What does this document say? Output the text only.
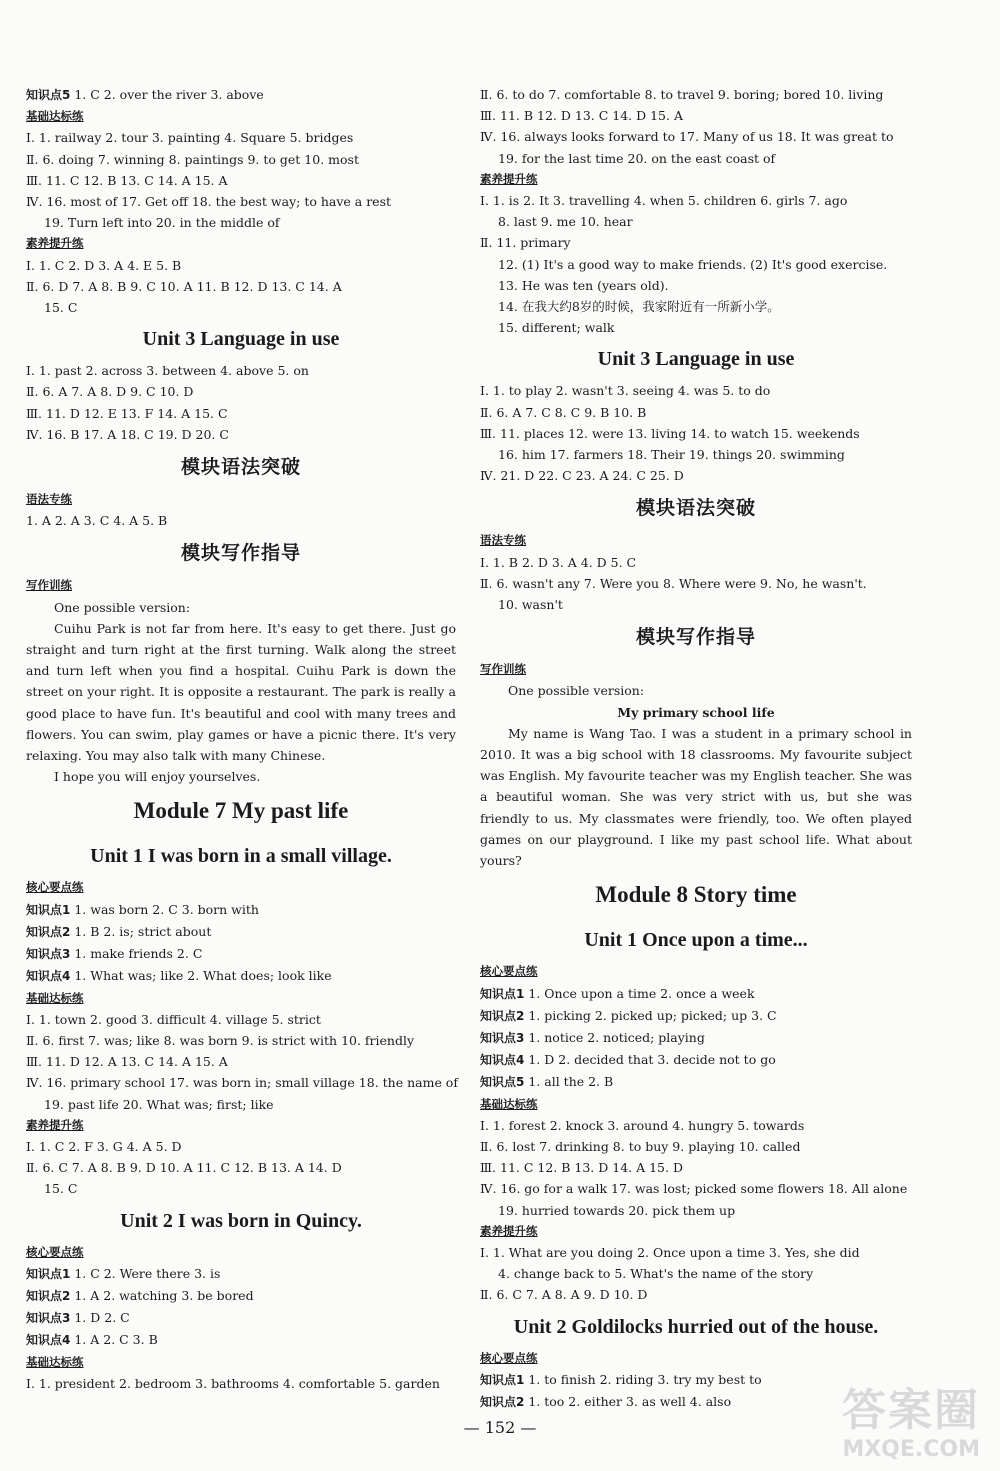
知识点5 1. C 2. over the river 3. above
基础达标练
Ⅰ. 1. railway 2. tour 3. painting 4. Square 5. bridges
Ⅱ. 6. doing 7. winning 8. paintings 9. to get 10. most
Ⅲ. 11. C 12. B 13. C 14. A 15. A
Ⅳ. 16. most of 17. Get off 18. the best way; to have a rest
19. Turn left into 20. in the middle of
素养提升练
Ⅰ. 1. C 2. D 3. A 4. E 5. B
Ⅱ. 6. D 7. A 8. B 9. C 10. A 11. B 12. D 13. C 14. A
15. C
Unit 3 Language in use
Ⅰ. 1. past 2. across 3. between 4. above 5. on
Ⅱ. 6. A 7. A 8. D 9. C 10. D
Ⅲ. 11. D 12. E 13. F 14. A 15. C
Ⅳ. 16. B 17. A 18. C 19. D 20. C
模块语法突破
语法专练
1. A 2. A 3. C 4. A 5. B
模块写作指导
写作训练
One possible version:
Cuihu Park is not far from here. It's easy to get there. Just go straight and turn right at the first turning. Walk along the street and turn left when you find a hospital. Cuihu Park is down the street on your right. It is opposite a restaurant. The park is really a good place to have fun. It's beautiful and cool with many trees and flowers. You can swim, play games or have a picnic there. It's very relaxing. You may also talk with many Chinese.
I hope you will enjoy yourselves.
Module 7 My past life
Unit 1 I was born in a small village.
核心要点练
知识点1 1. was born 2. C 3. born with
知识点2 1. B 2. is; strict about
知识点3 1. make friends 2. C
知识点4 1. What was; like 2. What does; look like
基础达标练
Ⅰ. 1. town 2. good 3. difficult 4. village 5. strict
Ⅱ. 6. first 7. was; like 8. was born 9. is strict with 10. friendly
Ⅲ. 11. D 12. A 13. C 14. A 15. A
Ⅳ. 16. primary school 17. was born in; small village 18. the name of
19. past life 20. What was; first; like
素养提升练
Ⅰ. 1. C 2. F 3. G 4. A 5. D
Ⅱ. 6. C 7. A 8. B 9. D 10. A 11. C 12. B 13. A 14. D
15. C
Unit 2 I was born in Quincy.
核心要点练
知识点1 1. C 2. Were there 3. is
知识点2 1. A 2. watching 3. be bored
知识点3 1. D 2. C
知识点4 1. A 2. C 3. B
基础达标练
Ⅰ. 1. president 2. bedroom 3. bathrooms 4. comfortable 5. garden
Ⅱ. 6. to do 7. comfortable 8. to travel 9. boring; bored 10. living
Ⅲ. 11. B 12. D 13. C 14. D 15. A
Ⅳ. 16. always looks forward to 17. Many of us 18. It was great to
19. for the last time 20. on the east coast of
素养提升练
Ⅰ. 1. is 2. It 3. travelling 4. when 5. children 6. girls 7. ago
8. last 9. me 10. hear
Ⅱ. 11. primary
12. (1) It's a good way to make friends. (2) It's good exercise.
13. He was ten (years old).
14. 在我大约8岁的时候，我家附近有一所新小学。
15. different; walk
Unit 3 Language in use
Ⅰ. 1. to play 2. wasn't 3. seeing 4. was 5. to do
Ⅱ. 6. A 7. C 8. C 9. B 10. B
Ⅲ. 11. places 12. were 13. living 14. to watch 15. weekends
16. him 17. farmers 18. Their 19. things 20. swimming
Ⅳ. 21. D 22. C 23. A 24. C 25. D
模块语法突破
语法专练
Ⅰ. 1. B 2. D 3. A 4. D 5. C
Ⅱ. 6. wasn't any 7. Were you 8. Where were 9. No, he wasn't.
10. wasn't
模块写作指导
写作训练
One possible version:
My primary school life
My name is Wang Tao. I was a student in a primary school in 2010. It was a big school with 18 classrooms. My favourite subject was English. My favourite teacher was my English teacher. She was a beautiful woman. She was very strict with us, but she was friendly to us. My classmates were friendly, too. We often played games on our playground. I like my past school life. What about yours?
Module 8 Story time
Unit 1 Once upon a time...
核心要点练
知识点1 1. Once upon a time 2. once a week
知识点2 1. picking 2. picked up; picked; up 3. C
知识点3 1. notice 2. noticed; playing
知识点4 1. D 2. decided that 3. decide not to go
知识点5 1. all the 2. B
基础达标练
Ⅰ. 1. forest 2. knock 3. around 4. hungry 5. towards
Ⅱ. 6. lost 7. drinking 8. to buy 9. playing 10. called
Ⅲ. 11. C 12. B 13. D 14. A 15. D
Ⅳ. 16. go for a walk 17. was lost; picked some flowers 18. All alone
19. hurried towards 20. pick them up
素养提升练
Ⅰ. 1. What are you doing 2. Once upon a time 3. Yes, she did
4. change back to 5. What's the name of the story
Ⅱ. 6. C 7. A 8. A 9. D 10. D
Unit 2 Goldilocks hurried out of the house.
核心要点练
知识点1 1. to finish 2. riding 3. try my best to
知识点2 1. too 2. either 3. as well 4. also
— 152 —	答案圈
MXQE.COM
